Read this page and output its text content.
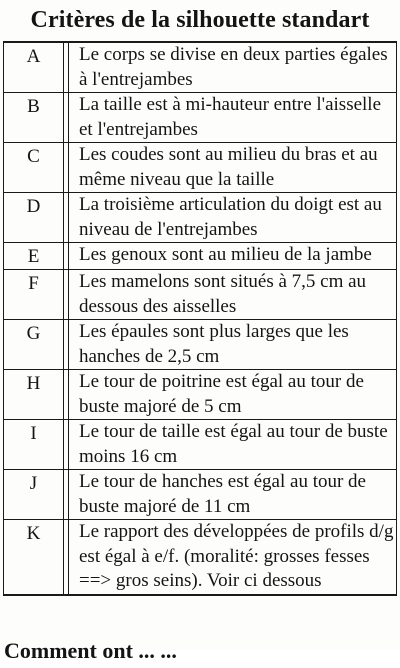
Critères de la silhouette standart
A	Le corps se divise en deux parties égales à l'entrejambes
B	La taille est à mi-hauteur entre l'aisselle et l'entrejambes
C	Les coudes sont au milieu du bras et au même niveau que la taille
D	La troisième articulation du doigt est au niveau de l'entrejambes
E	Les genoux sont au milieu de la jambe
F	Les mamelons sont situés à 7,5 cm au dessous des aisselles
G	Les épaules sont plus larges que les hanches de 2,5 cm
H	Le tour de poitrine est égal au tour de buste majoré de 5 cm
I	Le tour de taille est égal au tour de buste moins 16 cm
J	Le tour de hanches est égal au tour de buste majoré de 11 cm
K	Le rapport des développées de profils d/g est égal à e/f. (moralité: grosses fesses ==> gros seins). Voir ci dessous
Comment ont ... ...
